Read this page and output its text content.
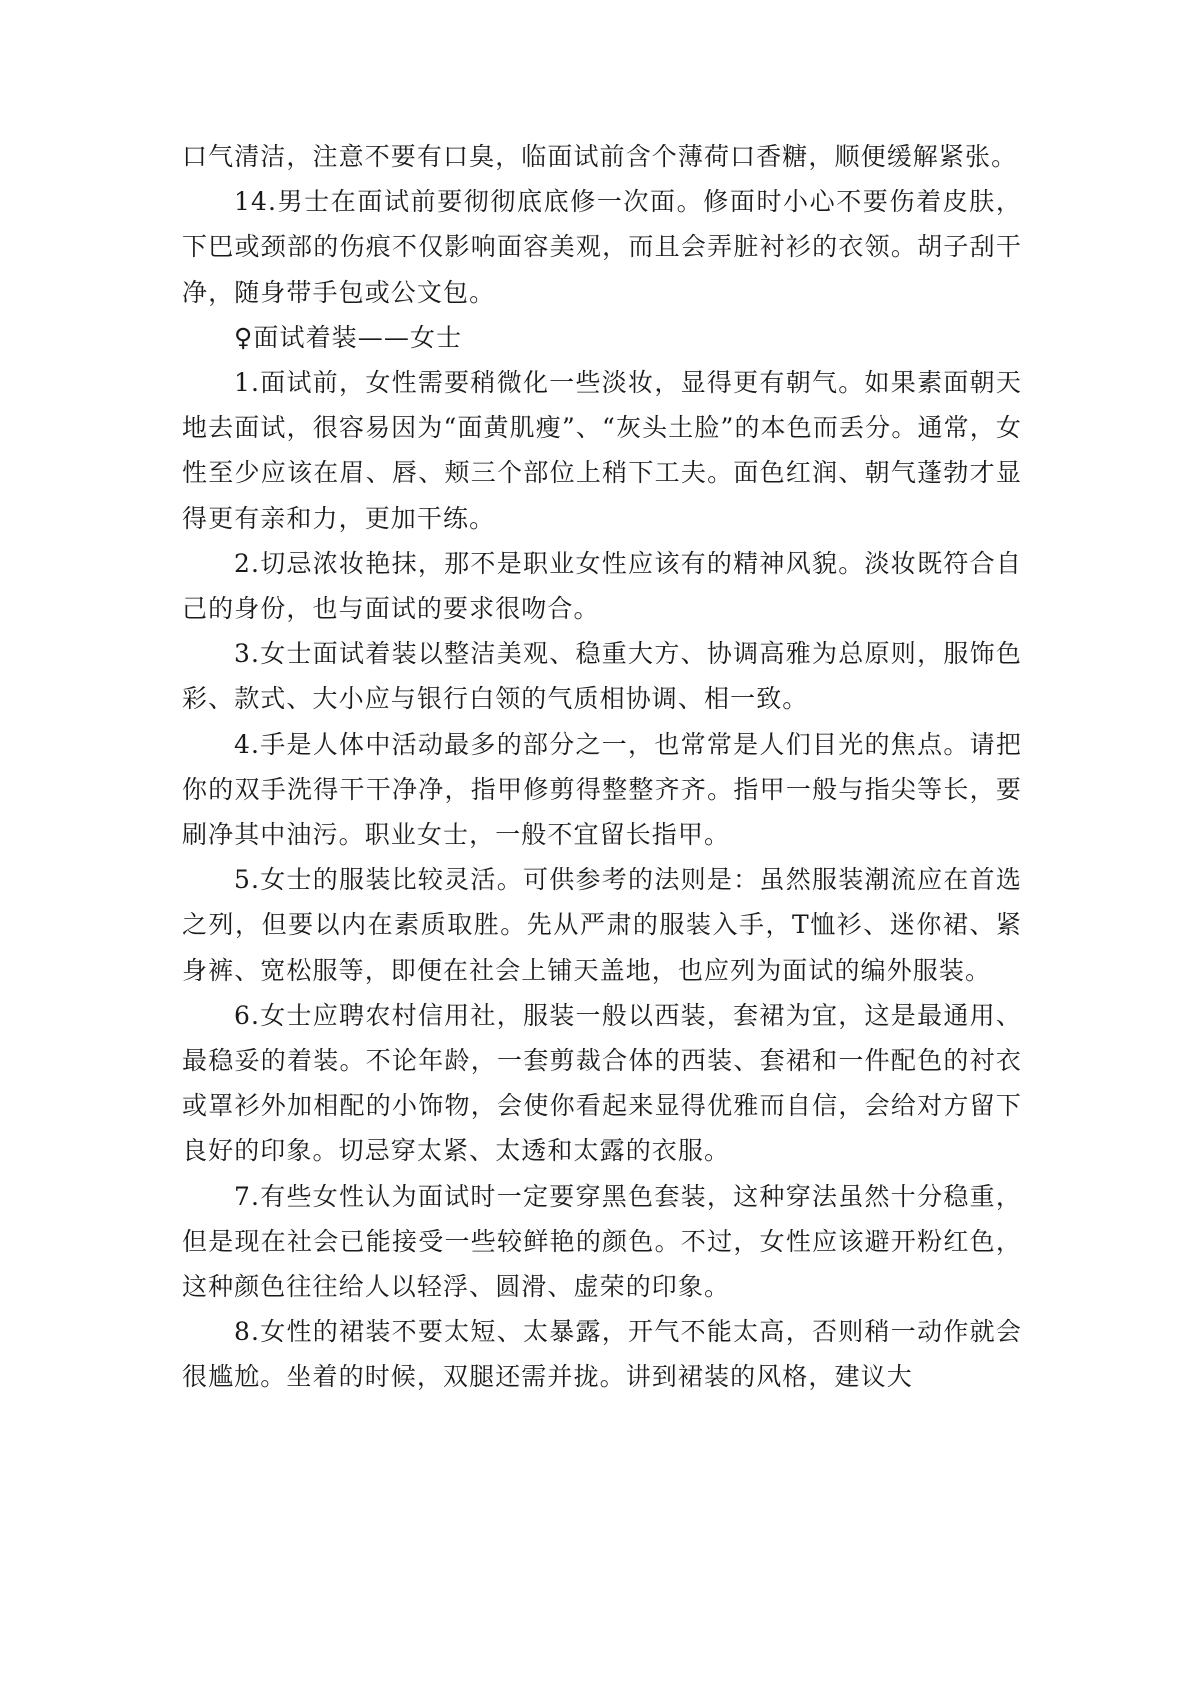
口气清洁，注意不要有口臭，临面试前含个薄荷口香糖，顺便缓解紧张。

14.男士在面试前要彻彻底底修一次面。修面时小心不要伤着皮肤，下巴或颈部的伤痕不仅影响面容美观，而且会弄脏衬衫的衣领。胡子刮干净，随身带手包或公文包。

♀面试着装——女士

1.面试前，女性需要稍微化一些淡妆，显得更有朝气。如果素面朝天地去面试，很容易因为“面黄肌瘦”、“灰头土脸”的本色而丢分。通常，女性至少应该在眉、唇、颊三个部位上稍下工夫。面色红润、朝气蓬勃才显得更有亲和力，更加干练。

2.切忌浓妆艳抹，那不是职业女性应该有的精神风貌。淡妆既符合自己的身份，也与面试的要求很吻合。

3.女士面试着装以整洁美观、稳重大方、协调高雅为总原则，服饰色彩、款式、大小应与银行白领的气质相协调、相一致。

4.手是人体中活动最多的部分之一，也常常是人们目光的焦点。请把你的双手洗得干干净净，指甲修剪得整整齐齐。指甲一般与指尖等长，要刷净其中油污。职业女士，一般不宜留长指甲。

5.女士的服装比较灵活。可供参考的法则是：虽然服装潮流应在首选之列，但要以内在素质取胜。先从严肃的服装入手，T恤衫、迷你裙、紧身裤、宽松服等，即便在社会上铺天盖地，也应列为面试的编外服装。

6.女士应聘农村信用社，服装一般以西装，套裙为宜，这是最通用、最稳妥的着装。不论年龄，一套剪裁合体的西装、套裙和一件配色的衬衣或罩衫外加相配的小饰物，会使你看起来显得优雅而自信，会给对方留下良好的印象。切忌穿太紧、太透和太露的衣服。

7.有些女性认为面试时一定要穿黑色套装，这种穿法虽然十分稳重，但是现在社会已能接受一些较鲜艳的颜色。不过，女性应该避开粉红色，这种颜色往往给人以轻浮、圆滑、虚荣的印象。

8.女性的裙装不要太短、太暴露，开气不能太高，否则稍一动作就会很尴尬。坐着的时候，双腿还需并拢。讲到裙装的风格，建议大
